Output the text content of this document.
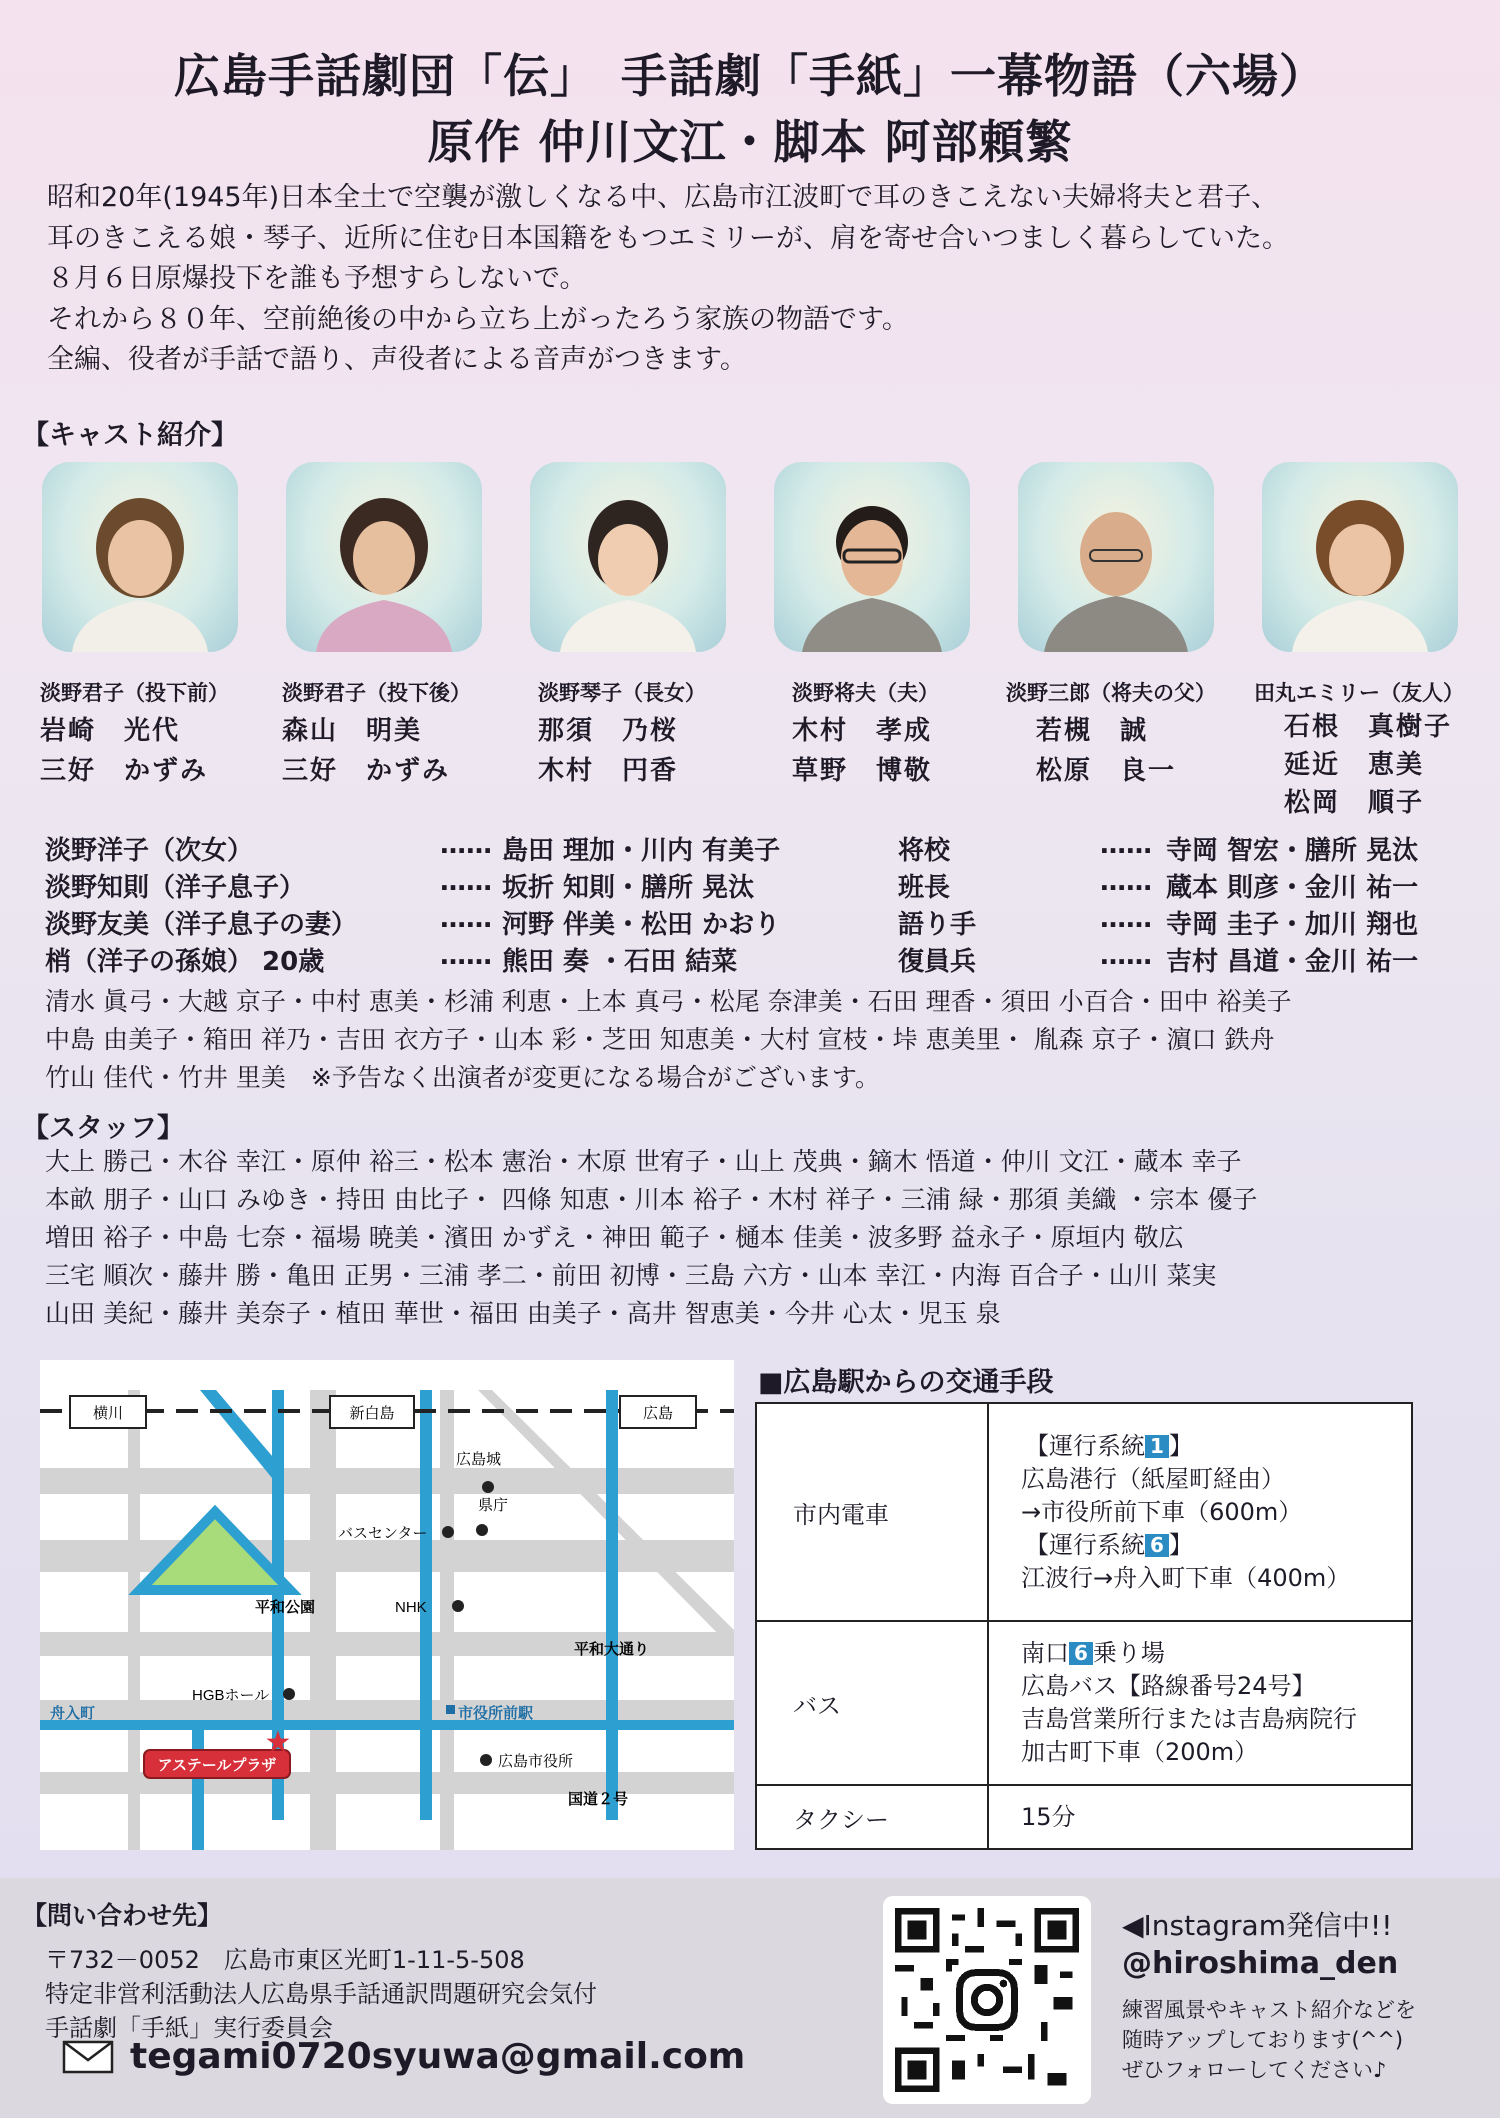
広島手話劇団「伝」　手話劇「手紙」一幕物語（六場）
原作 仲川文江・脚本 阿部頼繁
昭和20年(1945年)日本全土で空襲が激しくなる中、広島市江波町で耳のきこえない夫婦将夫と君子、
耳のきこえる娘・琴子、近所に住む日本国籍をもつエミリーが、肩を寄せ合いつましく暮らしていた。
８月６日原爆投下を誰も予想すらしないで。
それから８０年、空前絶後の中から立ち上がったろう家族の物語です。
全編、役者が手話で語り、声役者による音声がつきます。
【キャスト紹介】
淡野君子（投下前）
岩崎　光代
三好　かずみ
淡野君子（投下後）
森山　明美
三好　かずみ
淡野琴子（長女）
那須　乃桜
木村　円香
淡野将夫（夫）
木村　孝成
草野　博敬
淡野三郎（将夫の父）
若槻　誠
松原　良一
田丸エミリー（友人）
石根　真樹子
延近　恵美
松岡　順子
淡野洋子（次女）	…… 島田 理加・川内 有美子	将校	…… 寺岡 智宏・膳所 晃汰
淡野知則（洋子息子）	…… 坂折 知則・膳所 晃汰	班長	…… 蔵本 則彦・金川 祐一
淡野友美（洋子息子の妻）	…… 河野 伴美・松田 かおり	語り手	…… 寺岡 圭子・加川 翔也
梢（洋子の孫娘） 20歳	…… 熊田 奏 ・石田 結菜	復員兵	…… 吉村 昌道・金川 祐一
清水 眞弓・大越 京子・中村 恵美・杉浦 利恵・上本 真弓・松尾 奈津美・石田 理香・須田 小百合・田中 裕美子
中島 由美子・箱田 祥乃・吉田 衣方子・山本 彩・芝田 知恵美・大村 宣枝・垰 恵美里・ 胤森 京子・濵口 鉄舟
竹山 佳代・竹井 里美　※予告なく出演者が変更になる場合がございます。
【スタッフ】
大上 勝己・木谷 幸江・原仲 裕三・松本 憲治・木原 世宥子・山上 茂典・鏑木 悟道・仲川 文江・蔵本 幸子
本畝 朋子・山口 みゆき・持田 由比子・ 四條 知恵・川本 裕子・木村 祥子・三浦 緑・那須 美織 ・宗本 優子
増田 裕子・中島 七奈・福場 暁美・濱田 かずえ・神田 範子・樋本 佳美・波多野 益永子・原垣内 敬広
三宅 順次・藤井 勝・亀田 正男・三浦 孝二・前田 初博・三島 六方・山本 幸江・内海 百合子・山川 菜実
山田 美紀・藤井 美奈子・植田 華世・福田 由美子・高井 智恵美・今井 心太・児玉 泉
横川	新白島	広島
広島城
県庁
バスセンター
平和公園	NHK
平和大通り
HGBホール
舟入町	市役所前駅
広島市役所
国道２号
アステールプラザ
★
■広島駅からの交通手段
市内電車	【運行系統 1 】
広島港行（紙屋町経由）
→市役所前下車（600m）
【運行系統 6 】
江波行→舟入町下車（400m）

バス	南口 6 乗り場
広島バス【路線番号24号】
吉島営業所行または吉島病院行
加古町下車（200m）

タクシー	15分
【問い合わせ先】
〒732－0052　広島市東区光町1-11-5-508
特定非営利活動法人広島県手話通訳問題研究会気付
手話劇「手紙」実行委員会
tegami0720syuwa@gmail.com
◀Instagram発信中!!
@hiroshima_den
練習風景やキャスト紹介などを
随時アップしております(^^)
ぜひフォローしてください♪
